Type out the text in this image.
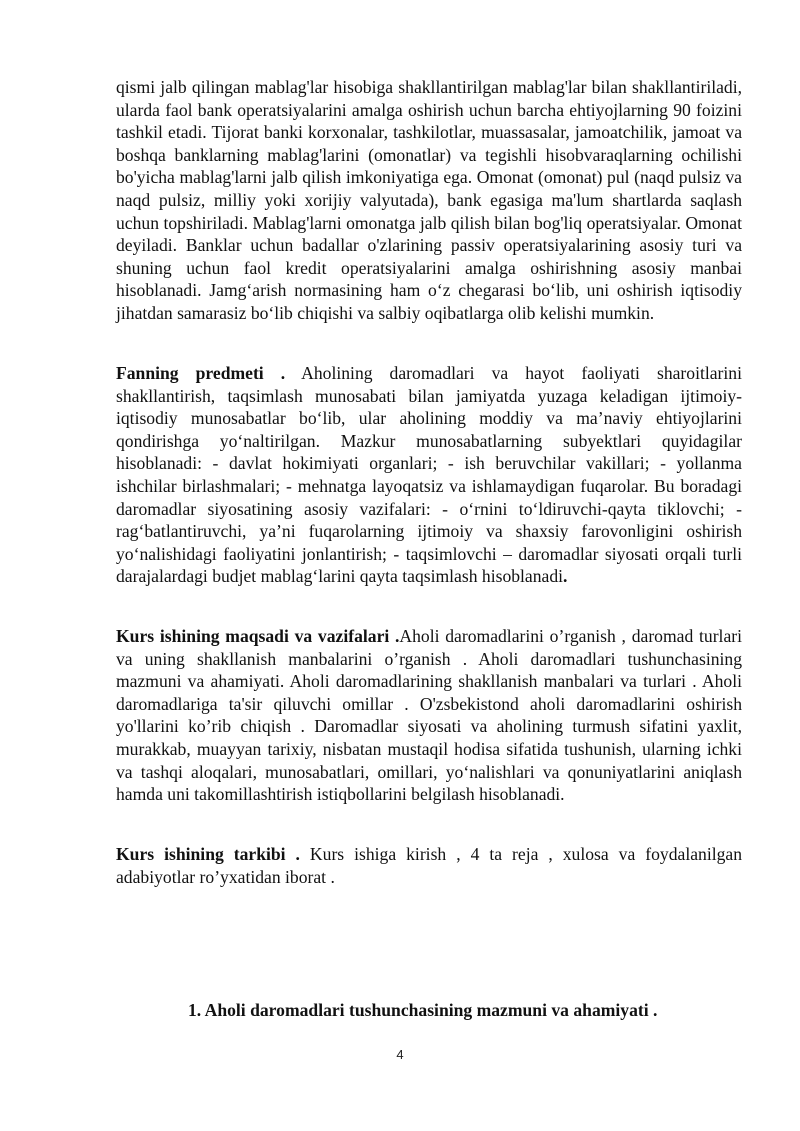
qismi jalb qilingan mablag'lar hisobiga shakllantirilgan mablag'lar bilan shakllantiriladi, ularda faol bank operatsiyalarini amalga oshirish uchun barcha ehtiyojlarning 90 foizini tashkil etadi. Tijorat banki korxonalar, tashkilotlar, muassasalar, jamoatchilik, jamoat va boshqa banklarning mablag'larini (omonatlar) va tegishli hisobvaraqlarning ochilishi bo'yicha mablag'larni jalb qilish imkoniyatiga ega. Omonat (omonat) pul (naqd pulsiz va naqd pulsiz, milliy yoki xorijiy valyutada), bank egasiga ma'lum shartlarda saqlash uchun topshiriladi. Mablag'larni omonatga jalb qilish bilan bog'liq operatsiyalar. Omonat deyiladi. Banklar uchun badallar o'zlarining passiv operatsiyalarining asosiy turi va shuning uchun faol kredit operatsiyalarini amalga oshirishning asosiy manbai hisoblanadi. Jamg‘arish normasining ham o‘z chegarasi bo‘lib, uni oshirish iqtisodiy jihatdan samarasiz bo‘lib chiqishi va salbiy oqibatlarga olib kelishi mumkin.

Fanning predmeti . Aholining daromadlari va hayot faoliyati sharoitlarini shakllantirish, taqsimlash munosabati bilan jamiyatda yuzaga keladigan ijtimoiy-iqtisodiy munosabatlar bo‘lib, ular aholining moddiy va ma’naviy ehtiyojlarini qondirishga yo‘naltirilgan. Mazkur munosabatlarning subyektlari quyidagilar hisoblanadi: - davlat hokimiyati organlari; - ish beruvchilar vakillari; - yollanma ishchilar birlashmalari; - mehnatga layoqatsiz va ishlamaydigan fuqarolar. Bu boradagi daromadlar siyosatining asosiy vazifalari: - o‘rnini to‘ldiruvchi-qayta tiklovchi; - rag‘batlantiruvchi, ya’ni fuqarolarning ijtimoiy va shaxsiy farovonligini oshirish yo‘nalishidagi faoliyatini jonlantirish; - taqsimlovchi – daromadlar siyosati orqali turli darajalardagi budjet mablag‘larini qayta taqsimlash hisoblanadi.

Kurs ishining maqsadi va vazifalari .Aholi daromadlarini o’rganish , daromad turlari va uning shakllanish manbalarini o’rganish . Aholi daromadlari tushunchasining mazmuni va ahamiyati. Aholi daromadlarining shakllanish manbalari va turlari . Aholi daromadlariga ta'sir qiluvchi omillar . O'zsbekistond aholi daromadlarini oshirish yo'llarini ko’rib chiqish . Daromadlar siyosati va aholining turmush sifatini yaxlit, murakkab, muayyan tarixiy, nisbatan mustaqil hodisa sifatida tushunish, ularning ichki va tashqi aloqalari, munosabatlari, omillari, yo‘nalishlari va qonuniyatlarini aniqlash hamda uni takomillashtirish istiqbollarini belgilash hisoblanadi.

Kurs ishining tarkibi . Kurs ishiga kirish , 4 ta reja , xulosa va foydalanilgan adabiyotlar ro’yxatidan iborat .

1. Aholi daromadlari tushunchasining mazmuni va ahamiyati .
4
